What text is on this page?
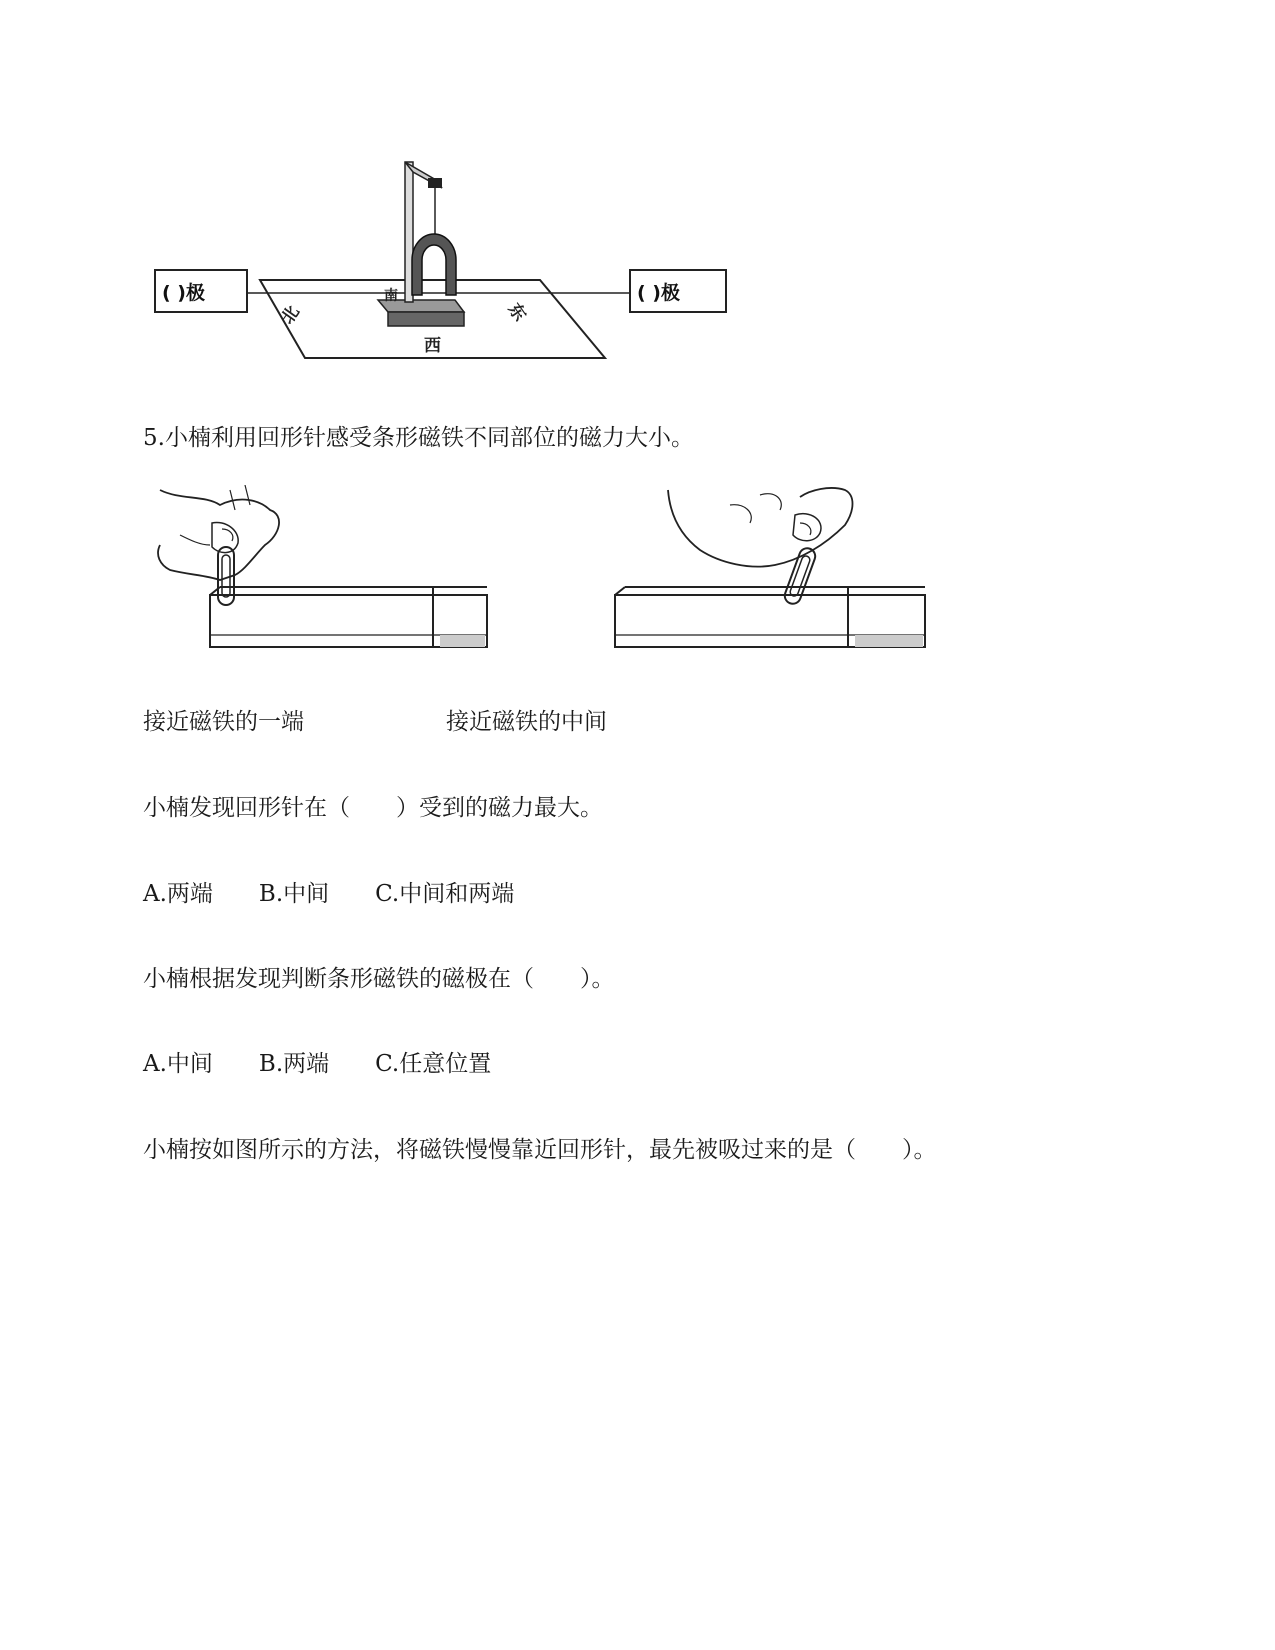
( )极	( )极
北
南
西
东
5.小楠利用回形针感受条形磁铁不同部位的磁力大小。
接近磁铁的一端	接近磁铁的中间
小楠发现回形针在（　　）受到的磁力最大。
A.两端　　B.中间　　C.中间和两端
小楠根据发现判断条形磁铁的磁极在（　　）。
A.中间　　B.两端　　C.任意位置
小楠按如图所示的方法，将磁铁慢慢靠近回形针，最先被吸过来的是（　　）。
